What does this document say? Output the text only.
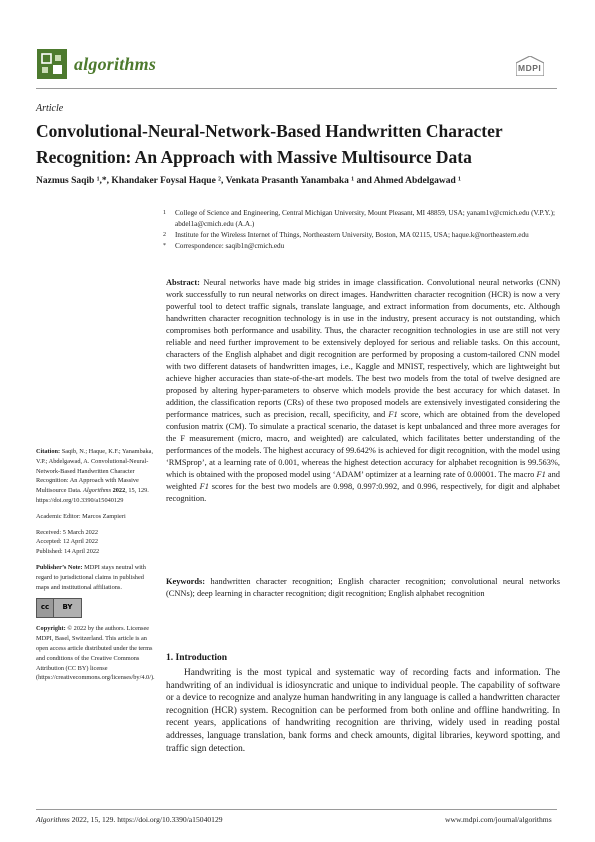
algorithms	MDPI
Article
Convolutional-Neural-Network-Based Handwritten Character Recognition: An Approach with Massive Multisource Data
Nazmus Saqib ¹,*, Khandaker Foysal Haque ², Venkata Prasanth Yanambaka ¹ and Ahmed Abdelgawad ¹
1 College of Science and Engineering, Central Michigan University, Mount Pleasant, MI 48859, USA; yanam1v@cmich.edu (V.P.Y.); abdel1a@cmich.edu (A.A.)
2 Institute for the Wireless Internet of Things, Northeastern University, Boston, MA 02115, USA; haque.k@northeastern.edu
* Correspondence: saqib1n@cmich.edu
Abstract: Neural networks have made big strides in image classification. Convolutional neural networks (CNN) work successfully to run neural networks on direct images. Handwritten character recognition (HCR) is now a very powerful tool to detect traffic signals, translate language, and extract information from documents, etc. Although handwritten character recognition technology is in use in the industry, present accuracy is not outstanding, which compromises both performance and usability. Thus, the character recognition technologies in use are still not very reliable and need further improvement to be extensively deployed for serious and reliable tasks. On this account, characters of the English alphabet and digit recognition are performed by proposing a custom-tailored CNN model with two different datasets of handwritten images, i.e., Kaggle and MNIST, respectively, which are lightweight but achieve higher accuracies than state-of-the-art models. The best two models from the total of twelve designed are proposed by altering hyper-parameters to observe which models provide the best accuracy for which dataset. In addition, the classification reports (CRs) of these two proposed models are extensively investigated considering the performance matrices, such as precision, recall, specificity, and F1 score, which are obtained from the developed confusion matrix (CM). To simulate a practical scenario, the dataset is kept unbalanced and three more averages for the F measurement (micro, macro, and weighted) are calculated, which facilitates better understanding of the performances of the models. The highest accuracy of 99.642% is achieved for digit recognition, with the model using ‘RMSprop’, at a learning rate of 0.001, whereas the highest detection accuracy for alphabet recognition is 99.563%, which is obtained with the proposed model using ‘ADAM’ optimizer at a learning rate of 0.00001. The macro F1 and weighted F1 scores for the best two models are 0.998, 0.997:0.992, and 0.996, respectively, for digit and alphabet recognition.
Keywords: handwritten character recognition; English character recognition; convolutional neural networks (CNNs); deep learning in character recognition; digit recognition; English alphabet recognition
Citation: Saqib, N.; Haque, K.F.; Yanambaka, V.P.; Abdelgawad, A. Convolutional-Neural-Network-Based Handwritten Character Recognition: An Approach with Massive Multisource Data. Algorithms 2022, 15, 129. https://doi.org/10.3390/a15040129
Academic Editor: Marcos Zampieri
Received: 5 March 2022
Accepted: 12 April 2022
Published: 14 April 2022
Publisher’s Note: MDPI stays neutral with regard to jurisdictional claims in published maps and institutional affiliations.
cc	BY
Copyright: © 2022 by the authors. Licensee MDPI, Basel, Switzerland. This article is an open access article distributed under the terms and conditions of the Creative Commons Attribution (CC BY) license (https://creativecommons.org/licenses/by/4.0/).
1. Introduction
Handwriting is the most typical and systematic way of recording facts and information. The handwriting of an individual is idiosyncratic and unique to individual people. The capability of software or a device to recognize and analyze human handwriting in any language is called a handwritten character recognition (HCR) system. Recognition can be performed from both online and offline handwriting. In recent years, applications of handwriting recognition are thriving, widely used in reading postal addresses, language translation, bank forms and check amounts, digital libraries, keyword spotting, and traffic sign detection.
Algorithms 2022, 15, 129. https://doi.org/10.3390/a15040129	www.mdpi.com/journal/algorithms
